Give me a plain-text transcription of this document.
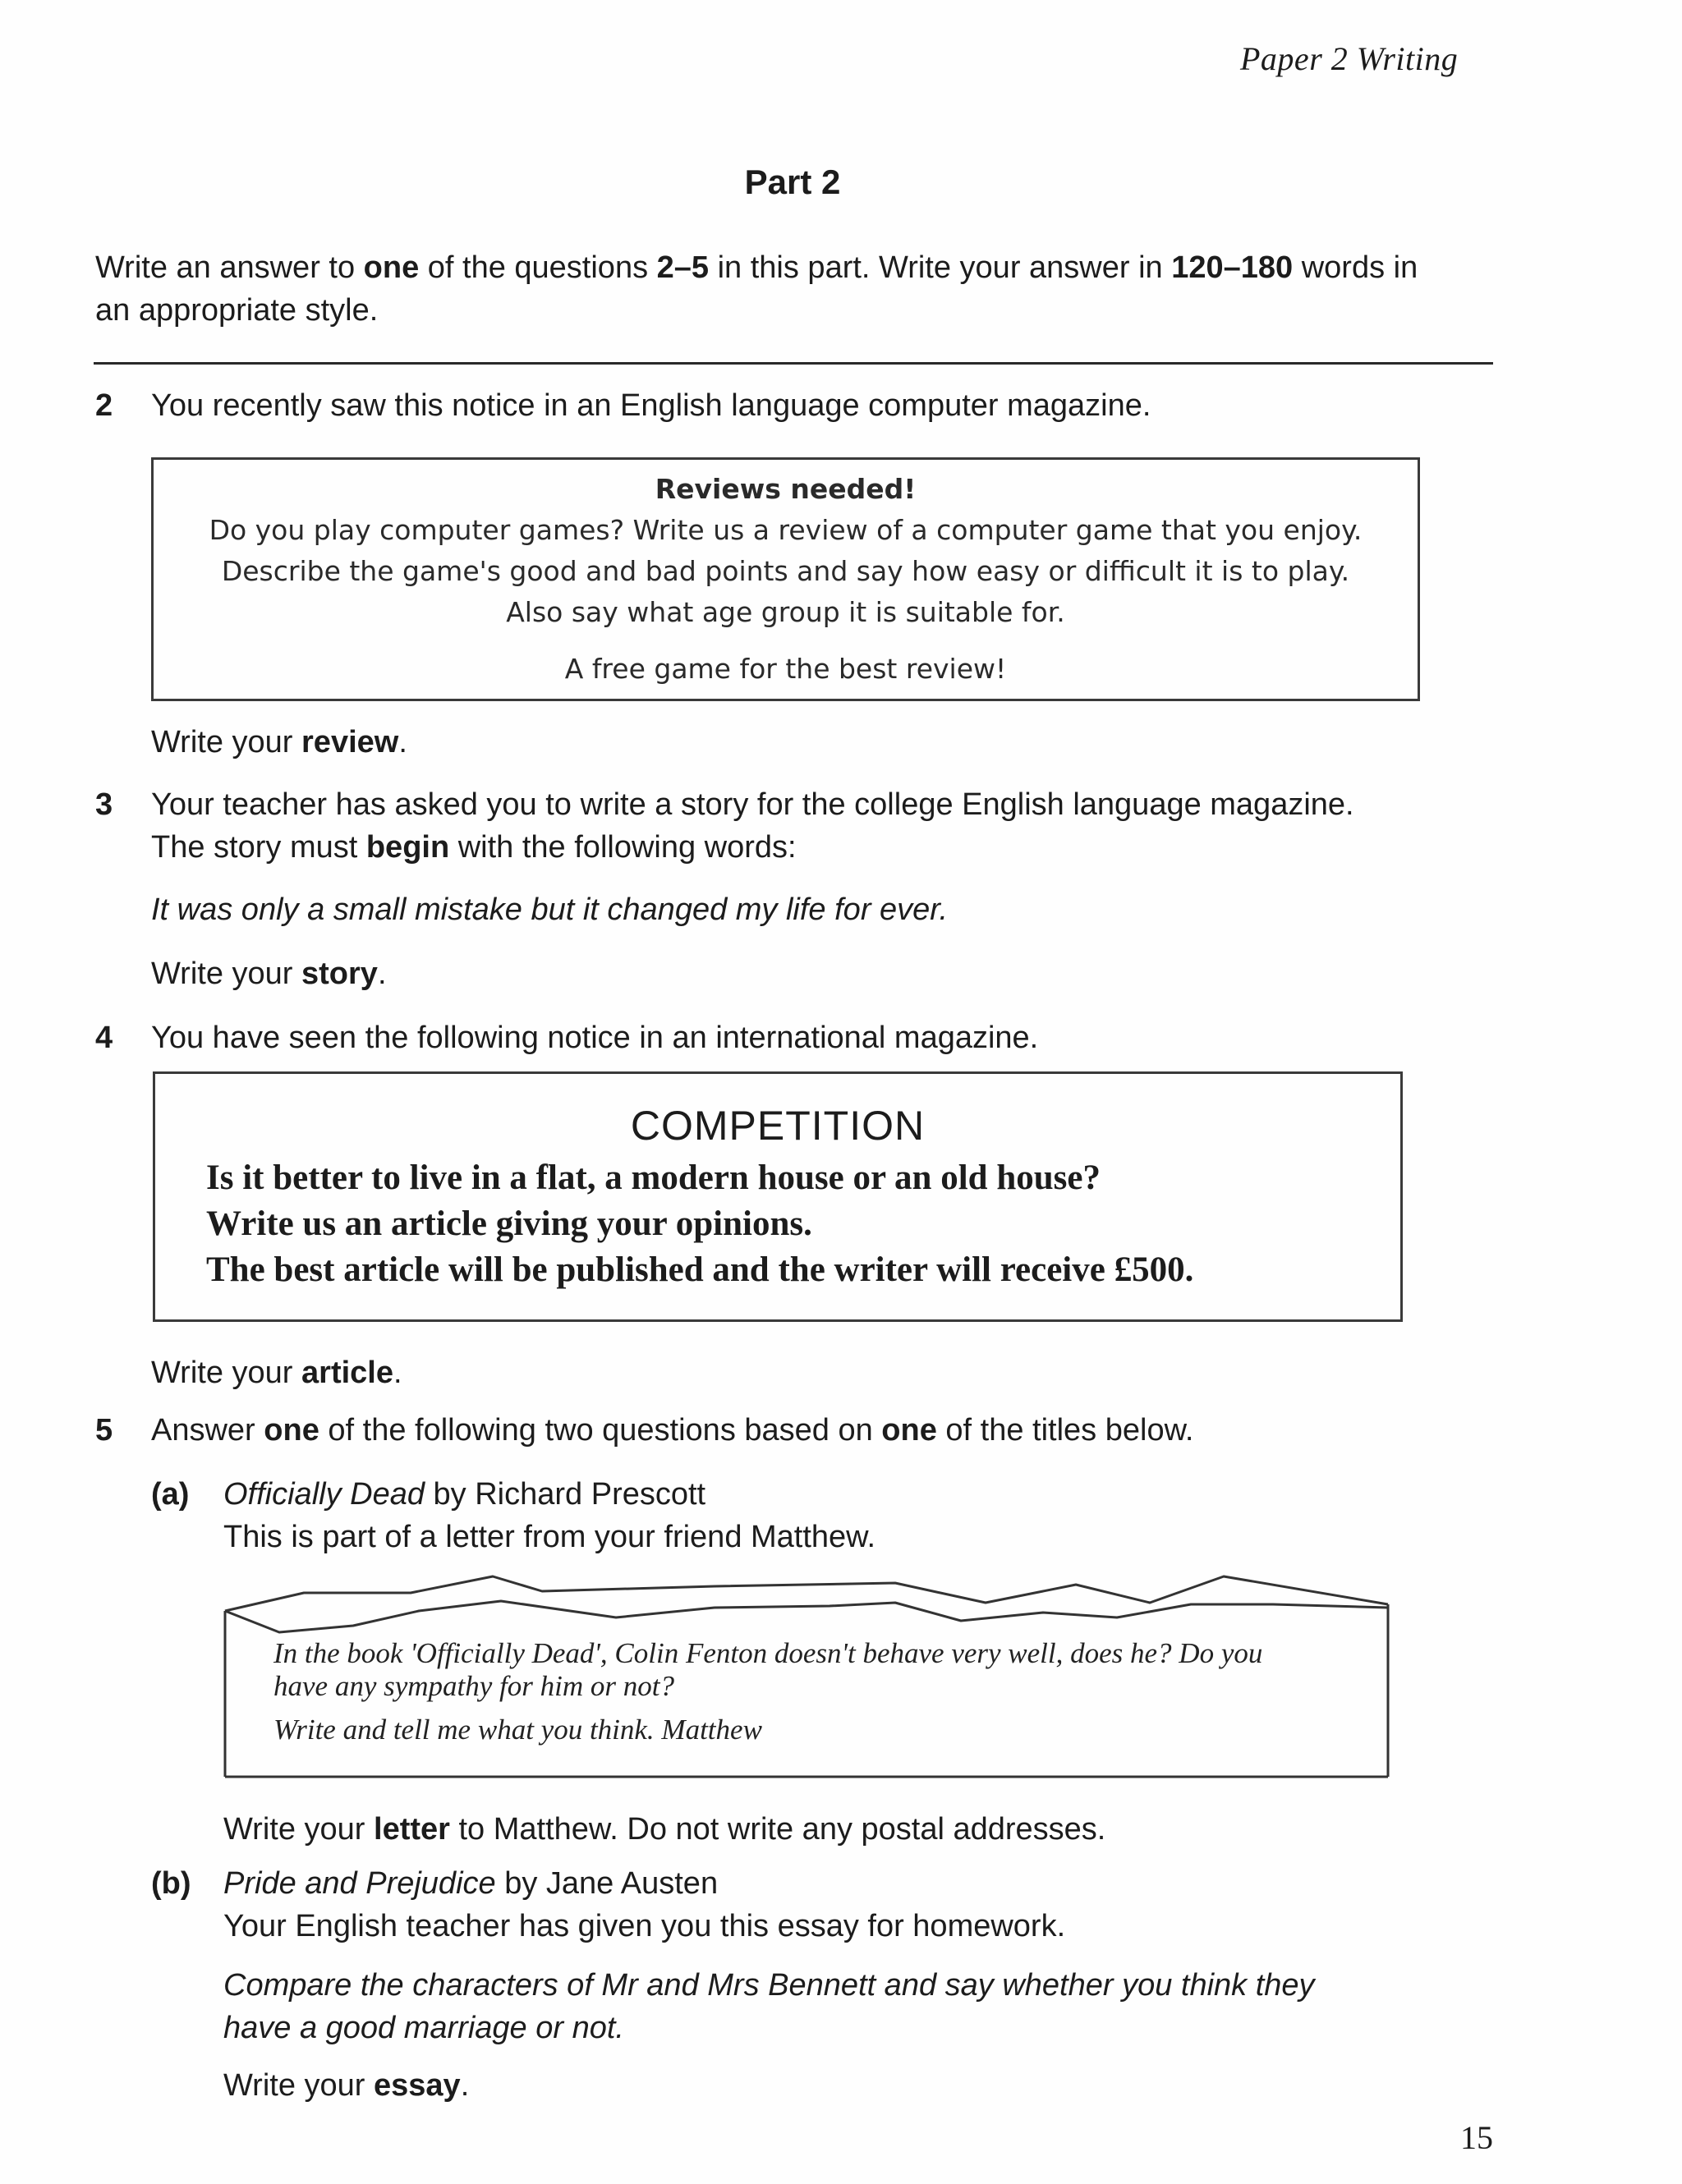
Paper 2 Writing
Part 2
Write an answer to one of the questions 2–5 in this part. Write your answer in 120–180 words in
an appropriate style.
2 You recently saw this notice in an English language computer magazine.
Reviews needed!
Do you play computer games? Write us a review of a computer game that you enjoy.
Describe the game's good and bad points and say how easy or difficult it is to play.
Also say what age group it is suitable for.
A free game for the best review!
Write your review.
3 Your teacher has asked you to write a story for the college English language magazine.
The story must begin with the following words:
It was only a small mistake but it changed my life for ever.
Write your story.
4 You have seen the following notice in an international magazine.
COMPETITION
Is it better to live in a flat, a modern house or an old house?
Write us an article giving your opinions.
The best article will be published and the writer will receive £500.
Write your article.
5 Answer one of the following two questions based on one of the titles below.
(a) Officially Dead by Richard Prescott
This is part of a letter from your friend Matthew.
In the book 'Officially Dead', Colin Fenton doesn't behave very well, does he? Do you
have any sympathy for him or not?
Write and tell me what you think. Matthew
Write your letter to Matthew. Do not write any postal addresses.
(b) Pride and Prejudice by Jane Austen
Your English teacher has given you this essay for homework.
Compare the characters of Mr and Mrs Bennett and say whether you think they
have a good marriage or not.
Write your essay.
15
